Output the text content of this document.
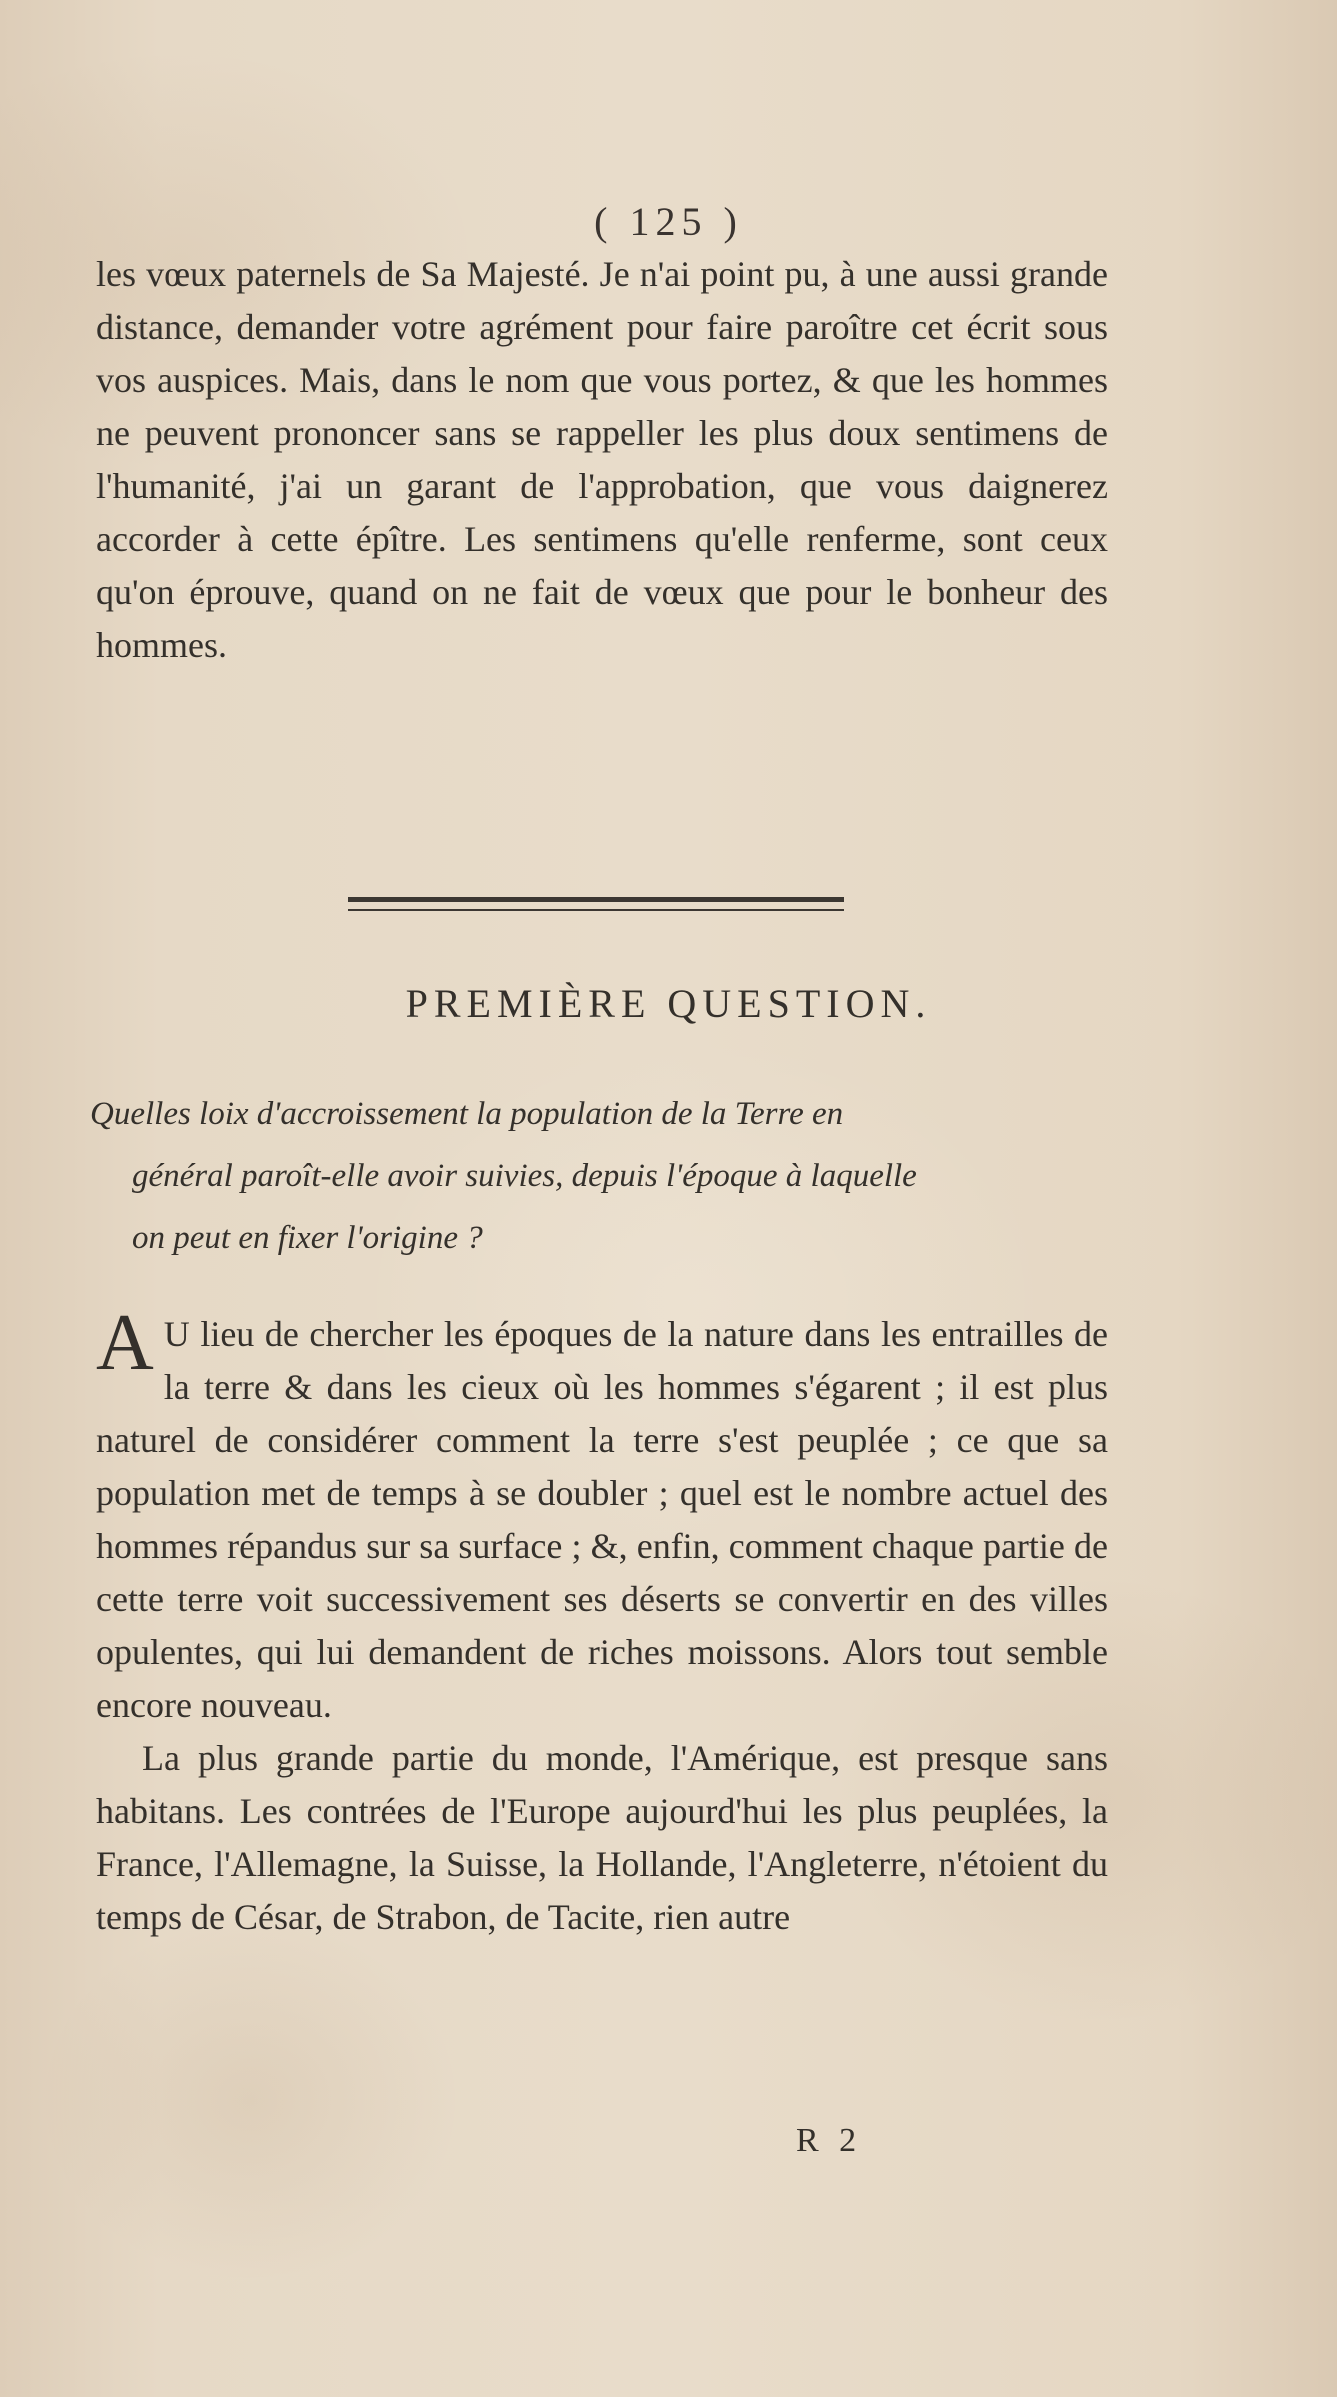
( 125 )

les vœux paternels de Sa Majesté. Je n'ai point pu, à une aussi grande distance, demander votre agrément pour faire paroître cet écrit sous vos auspices. Mais, dans le nom que vous portez, & que les hommes ne peuvent prononcer sans se rappeller les plus doux sentimens de l'humanité, j'ai un garant de l'approbation, que vous daignerez accorder à cette épître. Les sentimens qu'elle renferme, sont ceux qu'on éprouve, quand on ne fait de vœux que pour le bonheur des hommes.

PREMIÈRE QUESTION.
Quelles loix d'accroissement la population de la Terre en
général paroît-elle avoir suivies, depuis l'époque à laquelle
on peut en fixer l'origine ?

A U lieu de chercher les époques de la nature dans les entrailles de la terre & dans les cieux où les hommes s'égarent ; il est plus naturel de considérer comment la terre s'est peuplée ; ce que sa population met de temps à se doubler ; quel est le nombre actuel des hommes répandus sur sa surface ; &, enfin, comment chaque partie de cette terre voit successivement ses déserts se convertir en des villes opulentes, qui lui demandent de riches moissons. Alors tout semble encore nouveau.

La plus grande partie du monde, l'Amérique, est presque sans habitans. Les contrées de l'Europe aujourd'hui les plus peuplées, la France, l'Allemagne, la Suisse, la Hollande, l'Angleterre, n'étoient du temps de César, de Strabon, de Tacite, rien autre

R 2
